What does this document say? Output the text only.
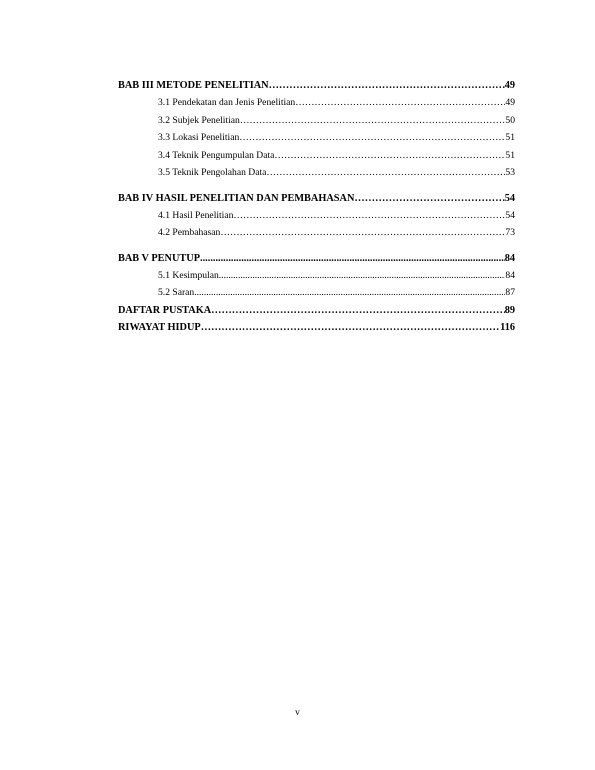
BAB III METODE PENELITIAN ………………………………………………………………………………………………………………………………………………………………	49
3.1 Pendekatan dan Jenis Penelitian ………………………………………………………………………………………………………………………………………………………………	49
3.2 Subjek Penelitian ………………………………………………………………………………………………………………………………………………………………	50
3.3 Lokasi Penelitian ………………………………………………………………………………………………………………………………………………………………	51
3.4 Teknik Pengumpulan Data ………………………………………………………………………………………………………………………………………………………………	51
3.5 Teknik Pengolahan Data ………………………………………………………………………………………………………………………………………………………………	53
BAB IV HASIL PENELITIAN DAN PEMBAHASAN ………………………………………………………………………………………………………………………………………………………………	54
4.1 Hasil Penelitian ………………………………………………………………………………………………………………………………………………………………	54
4.2 Pembahasan ………………………………………………………………………………………………………………………………………………………………	73
BAB V PENUTUP .....	84
5.1 Kesimpulan .....	84
5.2 Saran .....	87
DAFTAR PUSTAKA ………………………………………………………………………………………………………………………………………………………………	89
RIWAYAT HIDUP ………………………………………………………………………………………………………………………………………………………………	116
v
